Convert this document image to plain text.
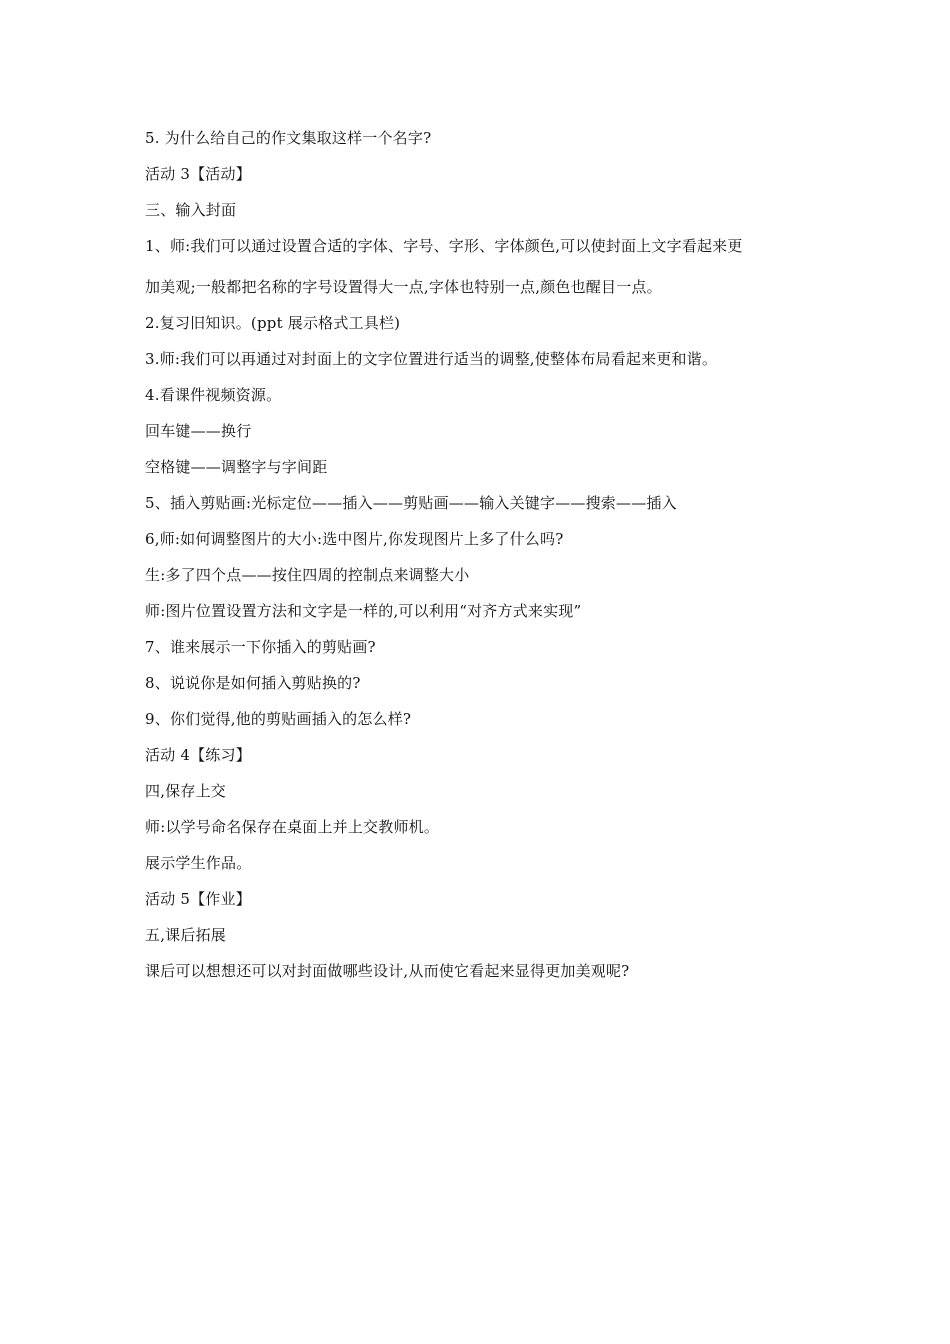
5. 为什么给自己的作文集取这样一个名字?
活动 3【活动】
三、输入封面
1、师:我们可以通过设置合适的字体、字号、字形、字体颜色,可以使封面上文字看起来更
加美观;一般都把名称的字号设置得大一点,字体也特别一点,颜色也醒目一点。
2.复习旧知识。(ppt 展示格式工具栏)
3.师:我们可以再通过对封面上的文字位置进行适当的调整,使整体布局看起来更和谐。
4.看课件视频资源。
回车键——换行
空格键——调整字与字间距
5、插入剪贴画:光标定位——插入——剪贴画——输入关键字——搜索——插入
6,师:如何调整图片的大小:选中图片,你发现图片上多了什么吗?
生:多了四个点——按住四周的控制点来调整大小
师:图片位置设置方法和文字是一样的,可以利用“对齐方式来实现”
7、谁来展示一下你插入的剪贴画?
8、说说你是如何插入剪贴换的?
9、你们觉得,他的剪贴画插入的怎么样?
活动 4【练习】
四,保存上交
师:以学号命名保存在桌面上并上交教师机。
展示学生作品。
活动 5【作业】
五,课后拓展
课后可以想想还可以对封面做哪些设计,从而使它看起来显得更加美观呢?
